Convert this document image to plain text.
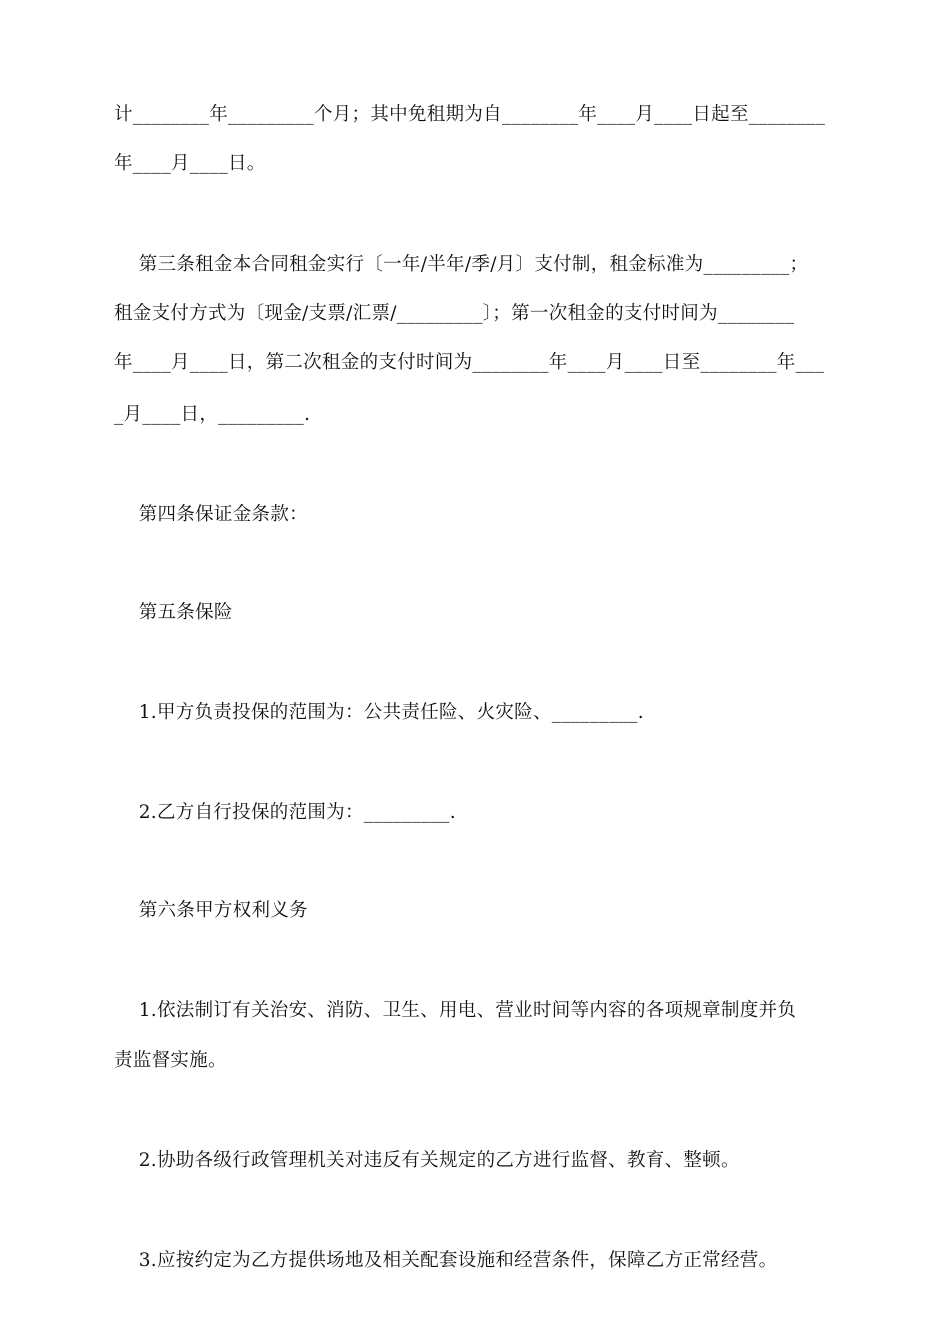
计________年_________个月；其中免租期为自________年____月____日起至________
年____月____日。
第三条租金本合同租金实行〔一年/半年/季/月〕支付制，租金标准为_________；
租金支付方式为〔现金/支票/汇票/_________〕；第一次租金的支付时间为________
年____月____日，第二次租金的支付时间为________年____月____日至________年___
_月____日，_________.
第四条保证金条款：
第五条保险
1.甲方负责投保的范围为：公共责任险、火灾险、_________.
2.乙方自行投保的范围为：_________.
第六条甲方权利义务
1.依法制订有关治安、消防、卫生、用电、营业时间等内容的各项规章制度并负
责监督实施。
2.协助各级行政管理机关对违反有关规定的乙方进行监督、教育、整顿。
3.应按约定为乙方提供场地及相关配套设施和经营条件，保障乙方正常经营。
